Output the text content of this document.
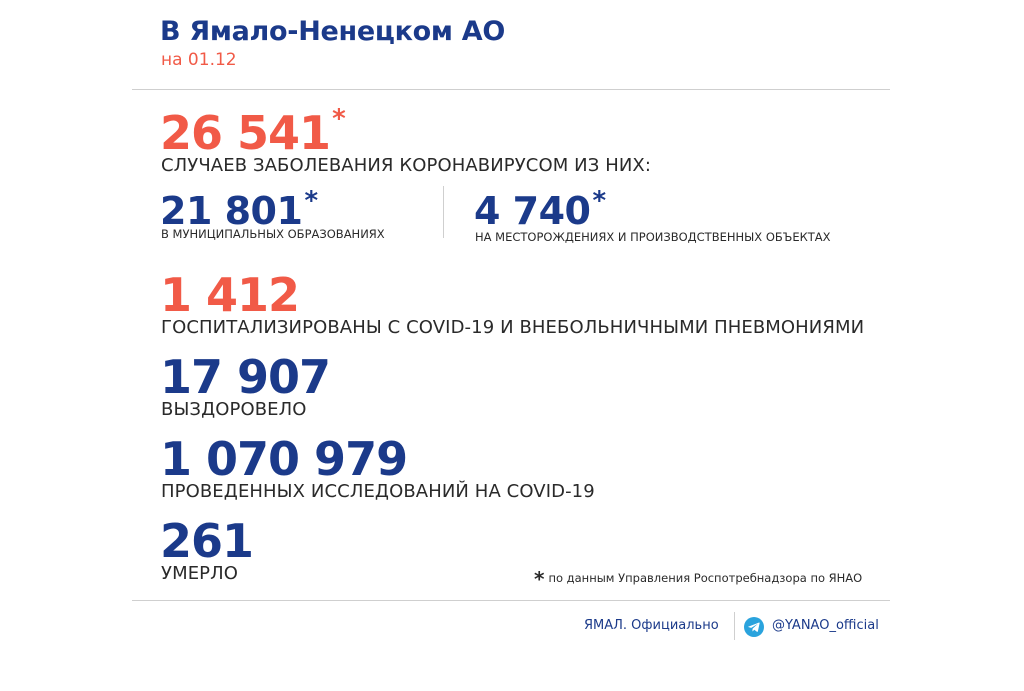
В Ямало-Ненецком АО
на 01.12
26 541*
СЛУЧАЕВ ЗАБОЛЕВАНИЯ КОРОНАВИРУСОМ ИЗ НИХ:
21 801*
В МУНИЦИПАЛЬНЫХ ОБРАЗОВАНИЯХ
4 740*
НА МЕСТОРОЖДЕНИЯХ И ПРОИЗВОДСТВЕННЫХ ОБЪЕКТАХ
1 412
ГОСПИТАЛИЗИРОВАНЫ С COVID-19 И ВНЕБОЛЬНИЧНЫМИ ПНЕВМОНИЯМИ
17 907
ВЫЗДОРОВЕЛО
1 070 979
ПРОВЕДЕННЫХ ИССЛЕДОВАНИЙ НА COVID-19
261
УМЕРЛО	* по данным Управления Роспотребнадзора по ЯНАО
ЯМАЛ. Официально	@YANAO_official
